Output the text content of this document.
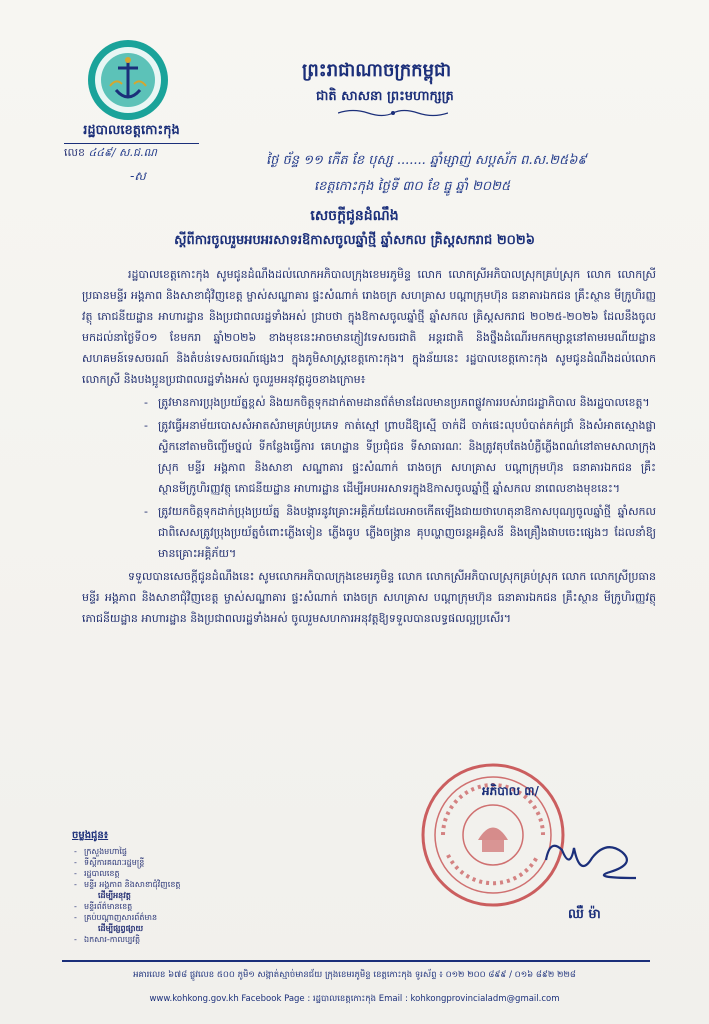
រដ្ឋបាលខេត្តកោះកុង
លេខ ៤៤៩/ ស.ជ.ណ
-ស
ព្រះរាជាណាចក្រកម្ពុជា
ជាតិ សាសនា ព្រះមហាក្សត្រ
ថ្ងៃ ច័ន្ទ ១១ កើត ខែ បុស្ស ....... ឆ្នាំម្សាញ់ សប្តស័ក ព.ស.២៥៦៩
ខេត្តកោះកុង ថ្ងៃទី ៣០ ខែ ធ្នូ ឆ្នាំ ២០២៥
សេចក្តីជូនដំណឹង
ស្តីពីការចូលរួមអបអរសាទរឱកាសចូលឆ្នាំថ្មី ឆ្នាំសកល គ្រិស្តសករាជ ២០២៦

រដ្ឋបាលខេត្តកោះកុង សូមជូនដំណឹងដល់លោកអភិបាលក្រុងខេមរភូមិន្ទ លោក លោកស្រីអភិបាលស្រុកគ្រប់ស្រុក លោក លោកស្រីប្រធានមន្ទីរ អង្គភាព និងសាខាជុំវិញខេត្ត ម្ចាស់សណ្ឋាគារ ផ្ទះសំណាក់ រោងចក្រ សហគ្រាស បណ្តាក្រុមហ៊ុន ធនាគារឯកជន គ្រឹះស្ថាន មីក្រូហិរញ្ញវត្ថុ ភោជនីយដ្ឋាន អាហារដ្ឋាន និងប្រជាពលរដ្ឋទាំងអស់ ជ្រាបថា ក្នុងឱកាសចូលឆ្នាំថ្មី ឆ្នាំសកល គ្រិស្តសករាជ ២០២៥-២០២៦ ដែលនឹងចូលមកដល់នាថ្ងៃទី០១ ខែមករា ឆ្នាំ២០២៦ ខាងមុខនេះអាចមានភ្ញៀវទេសចរជាតិ អន្តរជាតិ និងថ្នឹងដំណើរមកកម្សាន្តនៅតាមរមណីយដ្ឋាន សហគមន៍ទេសចរណ៍ និងតំបន់ទេសចរណ៍ផ្សេងៗ ក្នុងភូមិសាស្ត្រខេត្តកោះកុង។ ក្នុងន័យនេះ រដ្ឋបាលខេត្តកោះកុង សូមជូនដំណឹងដល់លោក លោកស្រី និងបងប្អូនប្រជាពលរដ្ឋទាំងអស់ ចូលរួមអនុវត្តដូចខាងក្រោម៖

- ត្រូវមានការប្រុងប្រយ័ត្នខ្ពស់ និងយកចិត្តទុកដាក់តាមដានព័ត៌មានដែលមានប្រភពផ្លូវការរបស់រាជរដ្ឋាភិបាល និងរដ្ឋបាលខេត្ត។
- ត្រូវធ្វើអនាម័យបោសសំអាតសំរាមគ្រប់ប្រភេទ កាត់ស្មៅ ព្រាបដីឱ្យស្មើ ចាក់ដី ចាក់ផេះលុបបំបាត់ភក់ជ្រាំ និងសំអាតស្មោងផ្លាស្ទិកនៅតាមចិញ្ចើមថ្នល់ ទីកន្លែងធ្វើការ គេហដ្ឋាន ទីប្រជុំជន ទីសាធារណៈ និងត្រូវតុបតែងបំភ្លឺភ្លើងពណ៌នៅតាមសាលាក្រុង ស្រុក មន្ទីរ អង្គភាព និងសាខា សណ្ឋាគារ ផ្ទះសំណាក់ រោងចក្រ សហគ្រាស បណ្តាក្រុមហ៊ុន ធនាគារឯកជន គ្រឹះស្ថានមីក្រូហិរញ្ញវត្ថុ ភោជនីយដ្ឋាន អាហារដ្ឋាន ដើម្បីអបអរសាទរក្នុងឱកាសចូលឆ្នាំថ្មី ឆ្នាំសកល នាពេលខាងមុខនេះ។
- ត្រូវយកចិត្តទុកដាក់ប្រុងប្រយ័ត្ន និងបង្ការនូវគ្រោះអគ្គិភ័យដែលអាចកើតឡើងជាយថាហេតុនាឱកាសបុណ្យចូលឆ្នាំថ្មី ឆ្នាំសកលជាពិសេសត្រូវប្រុងប្រយ័ត្នចំពោះភ្លើងទៀន ភ្លើងធូប ភ្លើងចង្ក្រាន គុបល្ហាញចរន្តអគ្គិសនី និងគ្រឿងផាបចេះផ្សេងៗ ដែលនាំឱ្យមានគ្រោះអគ្គិភ័យ។

ទទួលបានសេចក្តីជូនដំណឹងនេះ សូមលោកអភិបាលក្រុងខេមរភូមិន្ទ លោក លោកស្រីអភិបាលស្រុកគ្រប់ស្រុក លោក លោកស្រីប្រធានមន្ទីរ អង្គភាព និងសាខាជុំវិញខេត្ត ម្ចាស់សណ្ឋាគារ ផ្ទះសំណាក់ រោងចក្រ សហគ្រាស បណ្តាក្រុមហ៊ុន ធនាគារឯកជន គ្រឹះស្ថាន មីក្រូហិរញ្ញវត្ថុ ភោជនីយដ្ឋាន អាហារដ្ឋាន និងប្រជាពលរដ្ឋទាំងអស់ ចូលរួមសហការអនុវត្តឱ្យទទួលបានលទ្ធផលល្អប្រសើរ។

អភិបាល ៣/
ឈឺ ម៉ា
ចម្លងជូន៖
- ក្រសួងមហាផ្ទៃ
- ទីស្តីការគណៈរដ្ឋមន្ត្រី
- រដ្ឋបាលខេត្ត
- មន្ទីរ អង្គភាព និងសាខាជុំវិញខេត្ត
ដើម្បីអនុវត្ត
- មន្ទីរព័ត៌មានខេត្ត
- គ្រប់បណ្តាញសារព័ត៌មាន
ដើម្បីផ្សព្វផ្សាយ
- ឯកសារ-កាលប្បវត្តិ
អគារលេខ ៦៧៨ ផ្លូវលេខ ៥០០ ភូមិ១ សង្កាត់ស្មាច់មានជ័យ ក្រុងខេមរភូមិន្ទ ខេត្តកោះកុង ទូរស័ព្ទ ៖ ០១២ ២០០ ៨៩៩ / ០១៦ ៨៩២ ២២៨
www.kohkong.gov.kh Facebook Page : រដ្ឋបាលខេត្តកោះកុង Email : kohkongprovincialadm@gmail.com
